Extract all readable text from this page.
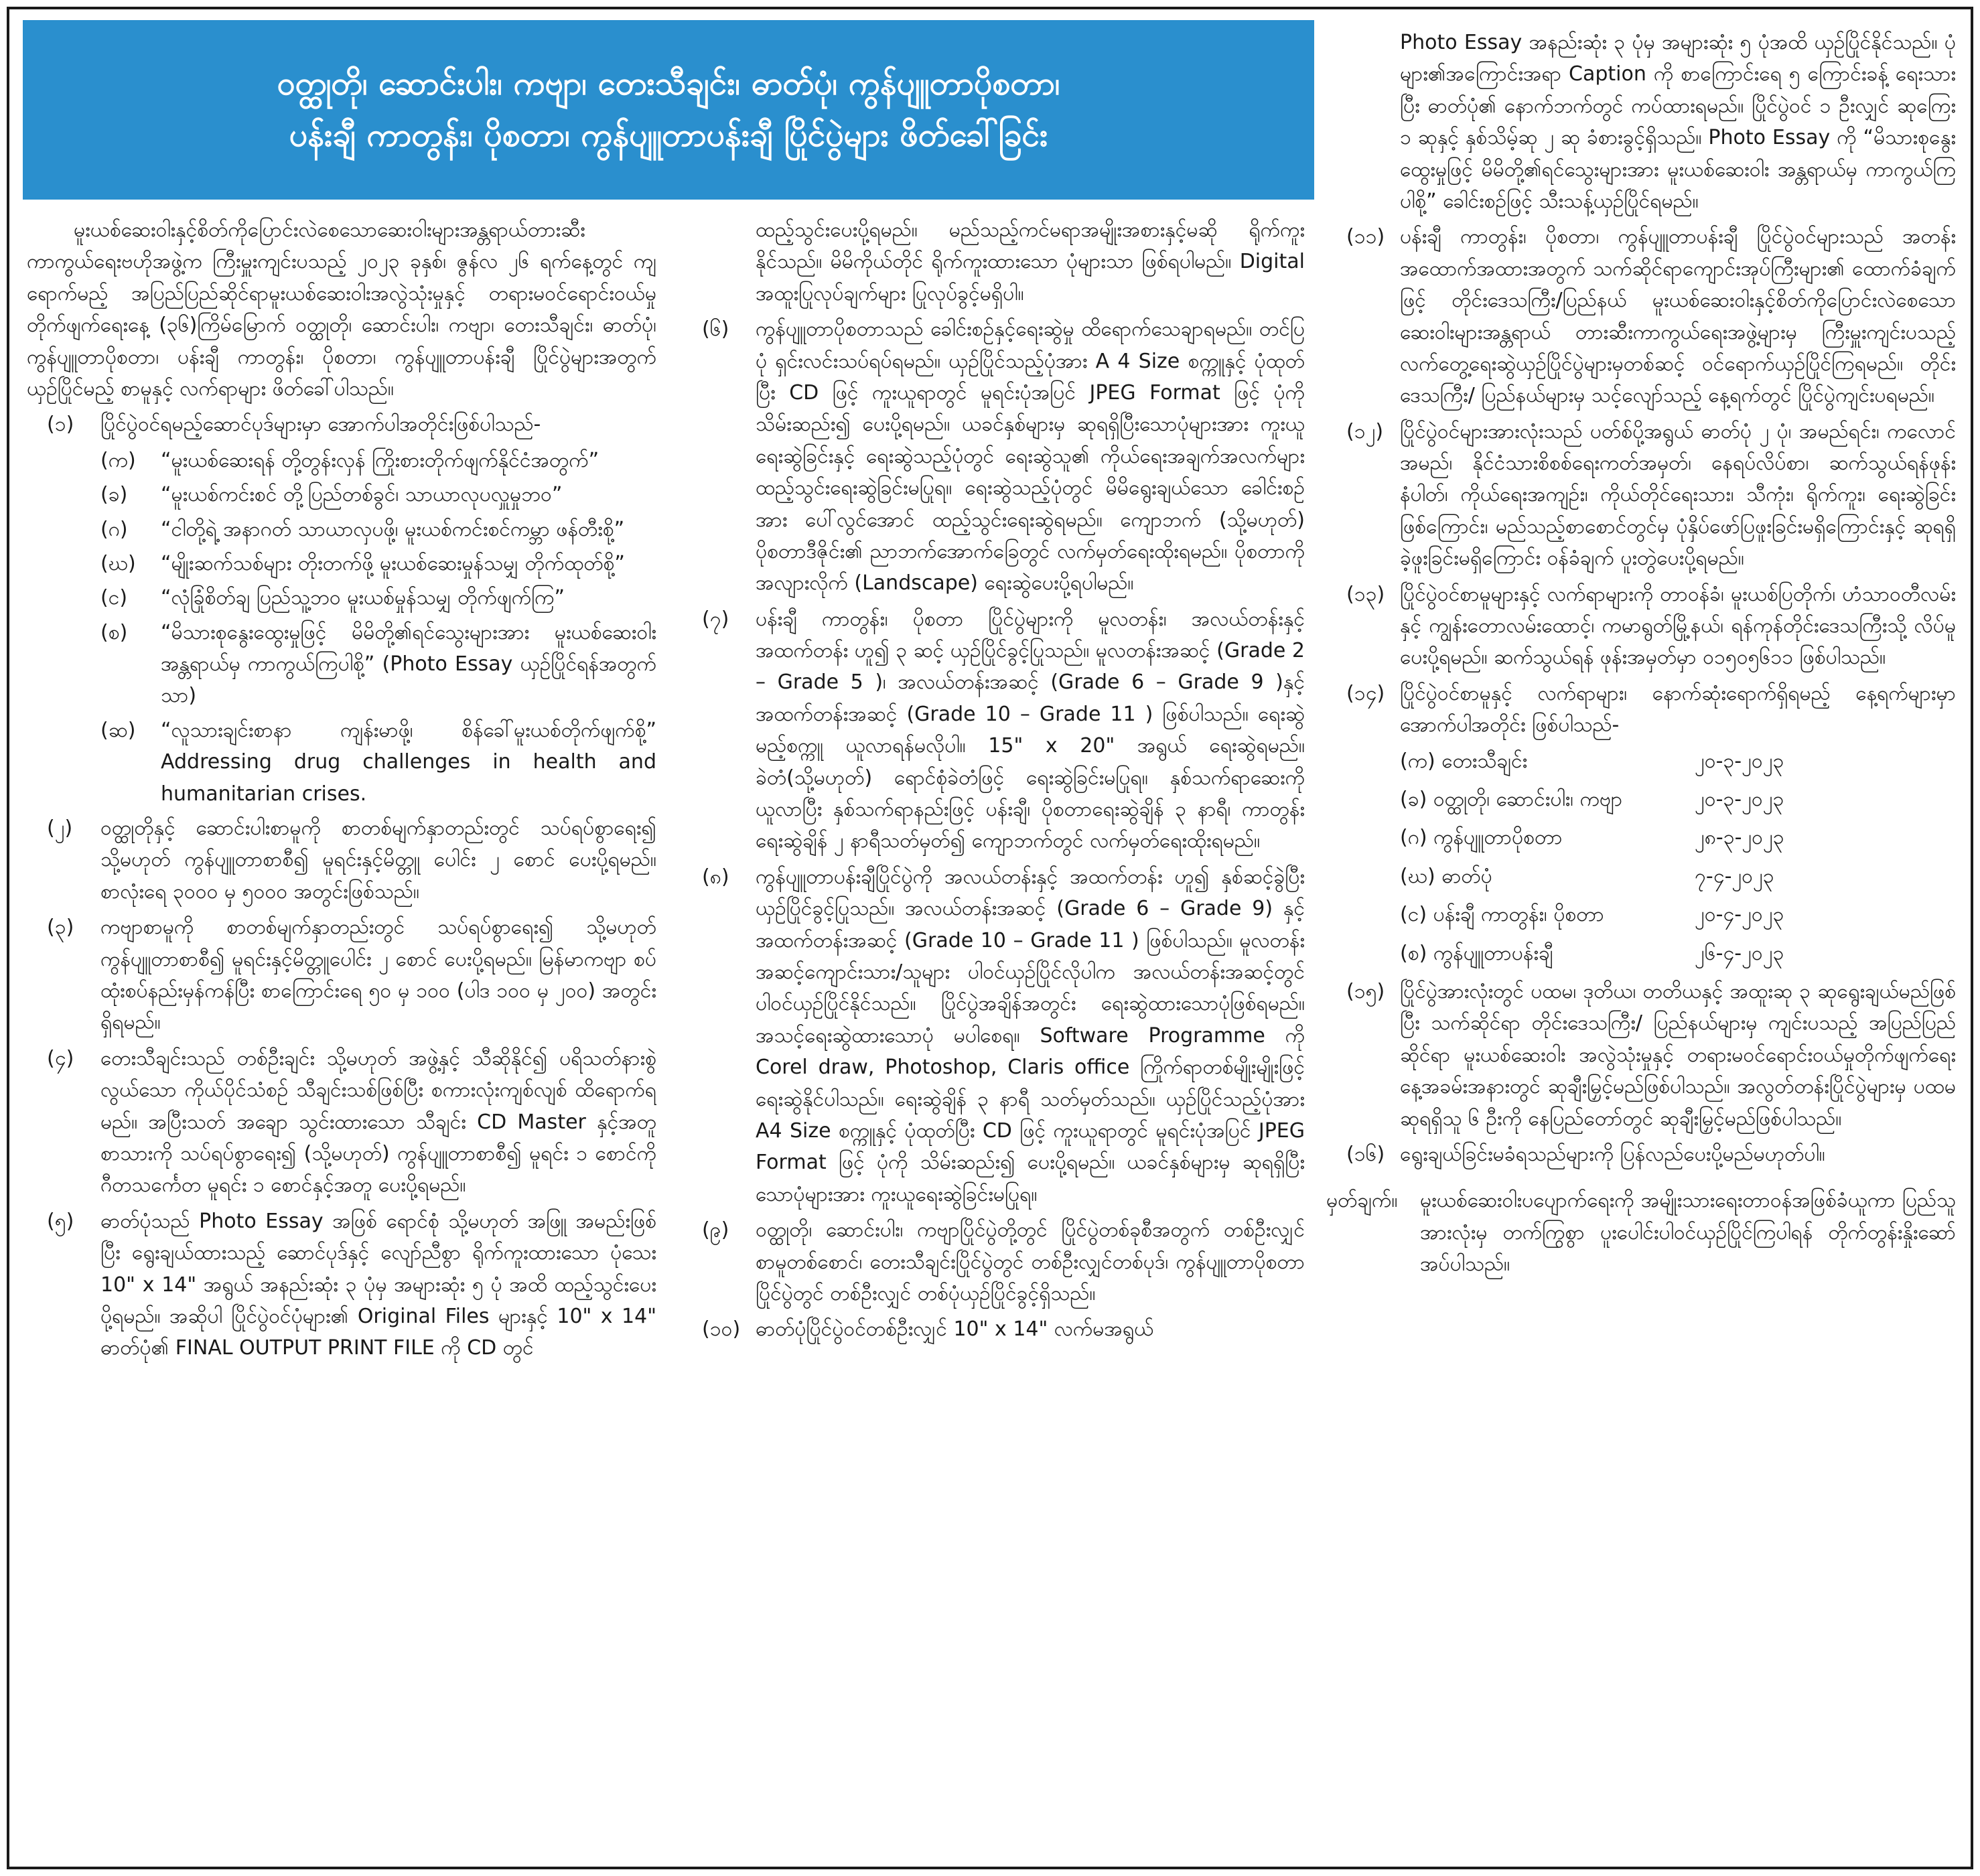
ဝတ္ထုတို၊ ဆောင်းပါး၊ ကဗျာ၊ တေးသီချင်း၊ ဓာတ်ပုံ၊ ကွန်ပျူတာပိုစတာ၊
ပန်းချီ ကာတွန်း၊ ပိုစတာ၊ ကွန်ပျူတာပန်းချီ ပြိုင်ပွဲများ ဖိတ်ခေါ်ခြင်း

မူးယစ်ဆေးဝါးနှင့်စိတ်ကိုပြောင်းလဲစေသောဆေးဝါးများအန္တရာယ်တားဆီးကာကွယ်ရေးဗဟိုအဖွဲ့က ကြီးမှူးကျင်းပသည့် ၂၀၂၃ ခုနှစ်၊ ဇွန်လ ၂၆ ရက်နေ့တွင် ကျရောက်မည့် အပြည်ပြည်ဆိုင်ရာမူးယစ်ဆေးဝါးအလွဲသုံးမှုနှင့် တရားမဝင်ရောင်းဝယ်မှုတိုက်ဖျက်ရေးနေ့ (၃၆)ကြိမ်မြောက် ဝတ္ထုတို၊ ဆောင်းပါး၊ ကဗျာ၊ တေးသီချင်း၊ ဓာတ်ပုံ၊ ကွန်ပျူတာပိုစတာ၊ ပန်းချီ ကာတွန်း၊ ပိုစတာ၊ ကွန်ပျူတာပန်းချီ ပြိုင်ပွဲများအတွက် ယှဉ်ပြိုင်မည့် စာမူနှင့် လက်ရာများ ဖိတ်ခေါ်ပါသည်။

(၁)	ပြိုင်ပွဲဝင်ရမည့်ဆောင်ပုဒ်များမှာ အောက်ပါအတိုင်းဖြစ်ပါသည်-
(က)	“မူးယစ်ဆေးရန် တို့တွန်းလှန် ကြိုးစားတိုက်ဖျက်နိုင်ငံအတွက်”
(ခ)	“မူးယစ်ကင်းစင် တို့ပြည်တစ်ခွင်၊ သာယာလုပလှူမှုဘဝ”
(ဂ)	“ငါတို့ရဲ့ အနာဂတ် သာယာလှပဖို့၊ မူးယစ်ကင်းစင်ကမ္ဘာ ဖန်တီးစို့”
(ဃ)	“မျိုးဆက်သစ်များ တိုးတက်ဖို့ မူးယစ်ဆေးမှုန်သမျှ တိုက်ထုတ်စို့”
(င)	“လုံခြုံစိတ်ချ ပြည်သူ့ဘဝ မူးယစ်မှုန်သမျှ တိုက်ဖျက်ကြ”
(စ)	“မိသားစုနွေးထွေးမှုဖြင့် မိမိတို့၏ရင်သွေးများအား မူးယစ်ဆေးဝါး အန္တရာယ်မှ ကာကွယ်ကြပါစို့” (Photo Essay ယှဉ်ပြိုင်ရန်အတွက်သာ)
(ဆ)	“လူသားချင်းစာနာ ကျန်းမာဖို့၊ စိန်ခေါ်မူးယစ်တိုက်ဖျက်စို့” Addressing drug challenges in health and humanitarian crises.
(၂)	ဝတ္ထုတိုနှင့် ဆောင်းပါးစာမူကို စာတစ်မျက်နှာတည်းတွင် သပ်ရပ်စွာရေး၍ သို့မဟုတ် ကွန်ပျူတာစာစီ၍ မူရင်းနှင့်မိတ္တူ ပေါင်း ၂ စောင် ပေးပို့ရမည်။ စာလုံးရေ ၃၀၀၀ မှ ၅၀၀၀ အတွင်းဖြစ်သည်။
(၃)	ကဗျာစာမူကို စာတစ်မျက်နှာတည်းတွင် သပ်ရပ်စွာရေး၍ သို့မဟုတ် ကွန်ပျူတာစာစီ၍ မူရင်းနှင့်မိတ္တူပေါင်း ၂ စောင် ပေးပို့ရမည်။ မြန်မာကဗျာ စပ်ထုံးစပ်နည်းမှန်ကန်ပြီး စာကြောင်းရေ ၅၀ မှ ၁၀၀ (ပါဒ ၁၀၀ မှ ၂၀၀) အတွင်း ရှိရမည်။
(၄)	တေးသီချင်းသည် တစ်ဦးချင်း သို့မဟုတ် အဖွဲ့နှင့် သီဆိုနိုင်၍ ပရိသတ်နားစွဲလွယ်သော ကိုယ်ပိုင်သံစဉ် သီချင်းသစ်ဖြစ်ပြီး စကားလုံးကျစ်လျစ် ထိရောက်ရမည်။ အပြီးသတ် အချော သွင်းထားသော သီချင်း CD Master နှင့်အတူ စာသားကို သပ်ရပ်စွာရေး၍ (သို့မဟုတ်) ကွန်ပျူတာစာစီ၍ မူရင်း ၁ စောင်ကို ဂီတသင်္ကေတ မူရင်း ၁ စောင်နှင့်အတူ ပေးပို့ရမည်။
(၅)	ဓာတ်ပုံသည် Photo Essay အဖြစ် ရောင်စုံ သို့မဟုတ် အဖြူ အမည်းဖြစ်ပြီး ရွေးချယ်ထားသည့် ဆောင်ပုဒ်နှင့် လျော်ညီစွာ ရိုက်ကူးထားသော ပုံသေး 10" x 14" အရွယ် အနည်းဆုံး ၃ ပုံမှ အများဆုံး ၅ ပုံ အထိ ထည့်သွင်းပေးပို့ရမည်။ အဆိုပါ ပြိုင်ပွဲဝင်ပုံများ၏ Original Files များနှင့် 10" x 14" ဓာတ်ပုံ၏ FINAL OUTPUT PRINT FILE ကို CD တွင်

ထည့်သွင်းပေးပို့ရမည်။ မည်သည့်ကင်မရာအမျိုးအစားနှင့်မဆို ရိုက်ကူးနိုင်သည်။ မိမိကိုယ်တိုင် ရိုက်ကူးထားသော ပုံများသာ ဖြစ်ရပါမည်။ Digital အထူးပြုလုပ်ချက်များ ပြုလုပ်ခွင့်မရှိပါ။

(၆)	ကွန်ပျူတာပိုစတာသည် ခေါင်းစဉ်နှင့်ရေးဆွဲမှု ထိရောက်သေချာရမည်။ တင်ပြပုံ ရှင်းလင်းသပ်ရပ်ရမည်။ ယှဉ်ပြိုင်သည့်ပုံအား A 4 Size စက္ကူနှင့် ပုံထုတ်ပြီး CD ဖြင့် ကူးယူရာတွင် မူရင်းပုံအပြင် JPEG Format ဖြင့် ပုံကိုသိမ်းဆည်း၍ ပေးပို့ရမည်။ ယခင်နှစ်များမှ ဆုရရှိပြီးသောပုံများအား ကူးယူရေးဆွဲခြင်းနှင့် ရေးဆွဲသည့်ပုံတွင် ရေးဆွဲသူ၏ ကိုယ်ရေးအချက်အလက်များ ထည့်သွင်းရေးဆွဲခြင်းမပြုရ။ ရေးဆွဲသည့်ပုံတွင် မိမိရွေးချယ်သော ခေါင်းစဉ်အား ပေါ်လွင်အောင် ထည့်သွင်းရေးဆွဲရမည်။ ကျောဘက် (သို့မဟုတ်) ပိုစတာဒီဇိုင်း၏ ညာဘက်အောက်ခြေတွင် လက်မှတ်ရေးထိုးရမည်။ ပိုစတာကို အလျားလိုက် (Landscape) ရေးဆွဲပေးပို့ရပါမည်။
(၇)	ပန်းချီ ကာတွန်း၊ ပိုစတာ ပြိုင်ပွဲများကို မူလတန်း၊ အလယ်တန်းနှင့် အထက်တန်း ဟူ၍ ၃ ဆင့် ယှဉ်ပြိုင်ခွင့်ပြုသည်။ မူလတန်းအဆင့် (Grade 2 – Grade 5 )၊ အလယ်တန်းအဆင့် (Grade 6 – Grade 9 )နှင့် အထက်တန်းအဆင့် (Grade 10 – Grade 11 ) ဖြစ်ပါသည်။ ရေးဆွဲမည့်စက္ကူ ယူလာရန်မလိုပါ။ 15" x 20" အရွယ် ရေးဆွဲရမည်။ ခဲတံ(သို့မဟုတ်) ရောင်စုံခဲတံဖြင့် ရေးဆွဲခြင်းမပြုရ။ နှစ်သက်ရာဆေးကို ယူလာပြီး နှစ်သက်ရာနည်းဖြင့် ပန်းချီ၊ ပိုစတာရေးဆွဲချိန် ၃ နာရီ၊ ကာတွန်းရေးဆွဲချိန် ၂ နာရီသတ်မှတ်၍ ကျောဘက်တွင် လက်မှတ်ရေးထိုးရမည်။
(၈)	ကွန်ပျူတာပန်းချီပြိုင်ပွဲကို အလယ်တန်းနှင့် အထက်တန်း ဟူ၍ နှစ်ဆင့်ခွဲပြီး ယှဉ်ပြိုင်ခွင့်ပြုသည်။ အလယ်တန်းအဆင့် (Grade 6 – Grade 9) နှင့် အထက်တန်းအဆင့် (Grade 10 – Grade 11 ) ဖြစ်ပါသည်။ မူလတန်းအဆင့်ကျောင်းသား/သူများ ပါဝင်ယှဉ်ပြိုင်လိုပါက အလယ်တန်းအဆင့်တွင် ပါဝင်ယှဉ်ပြိုင်နိုင်သည်။ ပြိုင်ပွဲအချိန်အတွင်း ရေးဆွဲထားသောပုံဖြစ်ရမည်။ အသင့်ရေးဆွဲထားသောပုံ မပါစေရ။ Software Programme ကို Corel draw, Photoshop, Claris office ကြိုက်ရာတစ်မျိုးမျိုးဖြင့် ရေးဆွဲနိုင်ပါသည်။ ရေးဆွဲချိန် ၃ နာရီ သတ်မှတ်သည်။ ယှဉ်ပြိုင်သည့်ပုံအား A4 Size စက္ကူနှင့် ပုံထုတ်ပြီး CD ဖြင့် ကူးယူရာတွင် မူရင်းပုံအပြင် JPEG Format ဖြင့် ပုံကို သိမ်းဆည်း၍ ပေးပို့ရမည်။ ယခင်နှစ်များမှ ဆုရရှိပြီးသောပုံများအား ကူးယူရေးဆွဲခြင်းမပြုရ။
(၉)	ဝတ္ထုတို၊ ဆောင်းပါး၊ ကဗျာပြိုင်ပွဲတို့တွင် ပြိုင်ပွဲတစ်ခုစီအတွက် တစ်ဦးလျှင် စာမူတစ်စောင်၊ တေးသီချင်းပြိုင်ပွဲတွင် တစ်ဦးလျှင်တစ်ပုဒ်၊ ကွန်ပျူတာပိုစတာပြိုင်ပွဲတွင် တစ်ဦးလျှင် တစ်ပုံယှဉ်ပြိုင်ခွင့်ရှိသည်။
(၁၀) ဓာတ်ပုံပြိုင်ပွဲဝင်တစ်ဦးလျှင် 10" x 14" လက်မအရွယ်

Photo Essay အနည်းဆုံး ၃ ပုံမှ အများဆုံး ၅ ပုံအထိ ယှဉ်ပြိုင်နိုင်သည်။ ပုံများ၏အကြောင်းအရာ Caption ကို စာကြောင်းရေ ၅ ကြောင်းခန့် ရေးသားပြီး ဓာတ်ပုံ၏ နောက်ဘက်တွင် ကပ်ထားရမည်။ ပြိုင်ပွဲဝင် ၁ ဦးလျှင် ဆုကြေး ၁ ဆုနှင့် နှစ်သိမ့်ဆု ၂ ဆု ခံစားခွင့်ရှိသည်။ Photo Essay ကို “မိသားစုနွေးထွေးမှုဖြင့် မိမိတို့၏ရင်သွေးများအား မူးယစ်ဆေးဝါး အန္တရာယ်မှ ကာကွယ်ကြပါစို့” ခေါင်းစဉ်ဖြင့် သီးသန့်ယှဉ်ပြိုင်ရမည်။

(၁၁) ပန်းချီ ကာတွန်း၊ ပိုစတာ၊ ကွန်ပျူတာပန်းချီ ပြိုင်ပွဲဝင်များသည် အတန်းအထောက်အထားအတွက် သက်ဆိုင်ရာကျောင်းအုပ်ကြီးများ၏ ထောက်ခံချက်ဖြင့် တိုင်းဒေသကြီး/ပြည်နယ် မူးယစ်ဆေးဝါးနှင့်စိတ်ကိုပြောင်းလဲစေသောဆေးဝါးများအန္တရာယ် တားဆီးကာကွယ်ရေးအဖွဲ့များမှ ကြီးမှူးကျင်းပသည့် လက်တွေ့ရေးဆွဲယှဉ်ပြိုင်ပွဲများမှတစ်ဆင့် ဝင်ရောက်ယှဉ်ပြိုင်ကြရမည်။ တိုင်းဒေသကြီး/ ပြည်နယ်များမှ သင့်လျော်သည့် နေ့ရက်တွင် ပြိုင်ပွဲကျင်းပရမည်။
(၁၂) ပြိုင်ပွဲဝင်များအားလုံးသည် ပတ်စ်ပို့အရွယ် ဓာတ်ပုံ ၂ ပုံ၊ အမည်ရင်း၊ ကလောင်အမည်၊ နိုင်ငံသားစိစစ်ရေးကတ်အမှတ်၊ နေရပ်လိပ်စာ၊ ဆက်သွယ်ရန်ဖုန်းနံပါတ်၊ ကိုယ်ရေးအကျဉ်း၊ ကိုယ်တိုင်ရေးသား၊ သီကုံး၊ ရိုက်ကူး၊ ရေးဆွဲခြင်းဖြစ်ကြောင်း၊ မည်သည့်စာစောင်တွင်မှ ပုံနှိပ်ဖော်ပြဖူးခြင်းမရှိကြောင်းနှင့် ဆုရရှိခဲ့ဖူးခြင်းမရှိကြောင်း ဝန်ခံချက် ပူးတွဲပေးပို့ရမည်။
(၁၃) ပြိုင်ပွဲဝင်စာမူများနှင့် လက်ရာများကို တာဝန်ခံ၊ မူးယစ်ပြတိုက်၊ ဟံသာဝတီလမ်းနှင့် ကျွန်းတောလမ်းထောင့်၊ ကမာရွတ်မြို့နယ်၊ ရန်ကုန်တိုင်းဒေသကြီးသို့ လိပ်မူပေးပို့ရမည်။ ဆက်သွယ်ရန် ဖုန်းအမှတ်မှာ ၀၁၅၀၅၆၁၁ ဖြစ်ပါသည်။
(၁၄) ပြိုင်ပွဲဝင်စာမူနှင့် လက်ရာများ၊ နောက်ဆုံးရောက်ရှိရမည့် နေ့ရက်များမှာ အောက်ပါအတိုင်း ဖြစ်ပါသည်-
(က) တေးသီချင်း	၂၀-၃-၂၀၂၃
(ခ) ဝတ္ထုတို၊ ဆောင်းပါး၊ ကဗျာ	၂၀-၃-၂၀၂၃
(ဂ) ကွန်ပျူတာပိုစတာ	၂၈-၃-၂၀၂၃
(ဃ) ဓာတ်ပုံ	၇-၄-၂၀၂၃
(င) ပန်းချီ ကာတွန်း၊ ပိုစတာ	၂၀-၄-၂၀၂၃
(စ) ကွန်ပျူတာပန်းချီ	၂၆-၄-၂၀၂၃
(၁၅) ပြိုင်ပွဲအားလုံးတွင် ပထမ၊ ဒုတိယ၊ တတိယနှင့် အထူးဆု ၃ ဆုရွေးချယ်မည်ဖြစ်ပြီး သက်ဆိုင်ရာ တိုင်းဒေသကြီး/ ပြည်နယ်များမှ ကျင်းပသည့် အပြည်ပြည်ဆိုင်ရာ မူးယစ်ဆေးဝါး အလွဲသုံးမှုနှင့် တရားမဝင်ရောင်းဝယ်မှုတိုက်ဖျက်ရေးနေ့အခမ်းအနားတွင် ဆုချီးမြှင့်မည်ဖြစ်ပါသည်။ အလွတ်တန်းပြိုင်ပွဲများမှ ပထမဆုရရှိသူ ၆ ဦးကို နေပြည်တော်တွင် ဆုချီးမြှင့်မည်ဖြစ်ပါသည်။
(၁၆) ရွေးချယ်ခြင်းမခံရသည်များကို ပြန်လည်ပေးပို့မည်မဟုတ်ပါ။
မှတ်ချက်။	မူးယစ်ဆေးဝါးပပျောက်ရေးကို အမျိုးသားရေးတာဝန်အဖြစ်ခံယူကာ ပြည်သူအားလုံးမှ တက်ကြွစွာ ပူးပေါင်းပါဝင်ယှဉ်ပြိုင်ကြပါရန် တိုက်တွန်းနှိုးဆော်အပ်ပါသည်။
